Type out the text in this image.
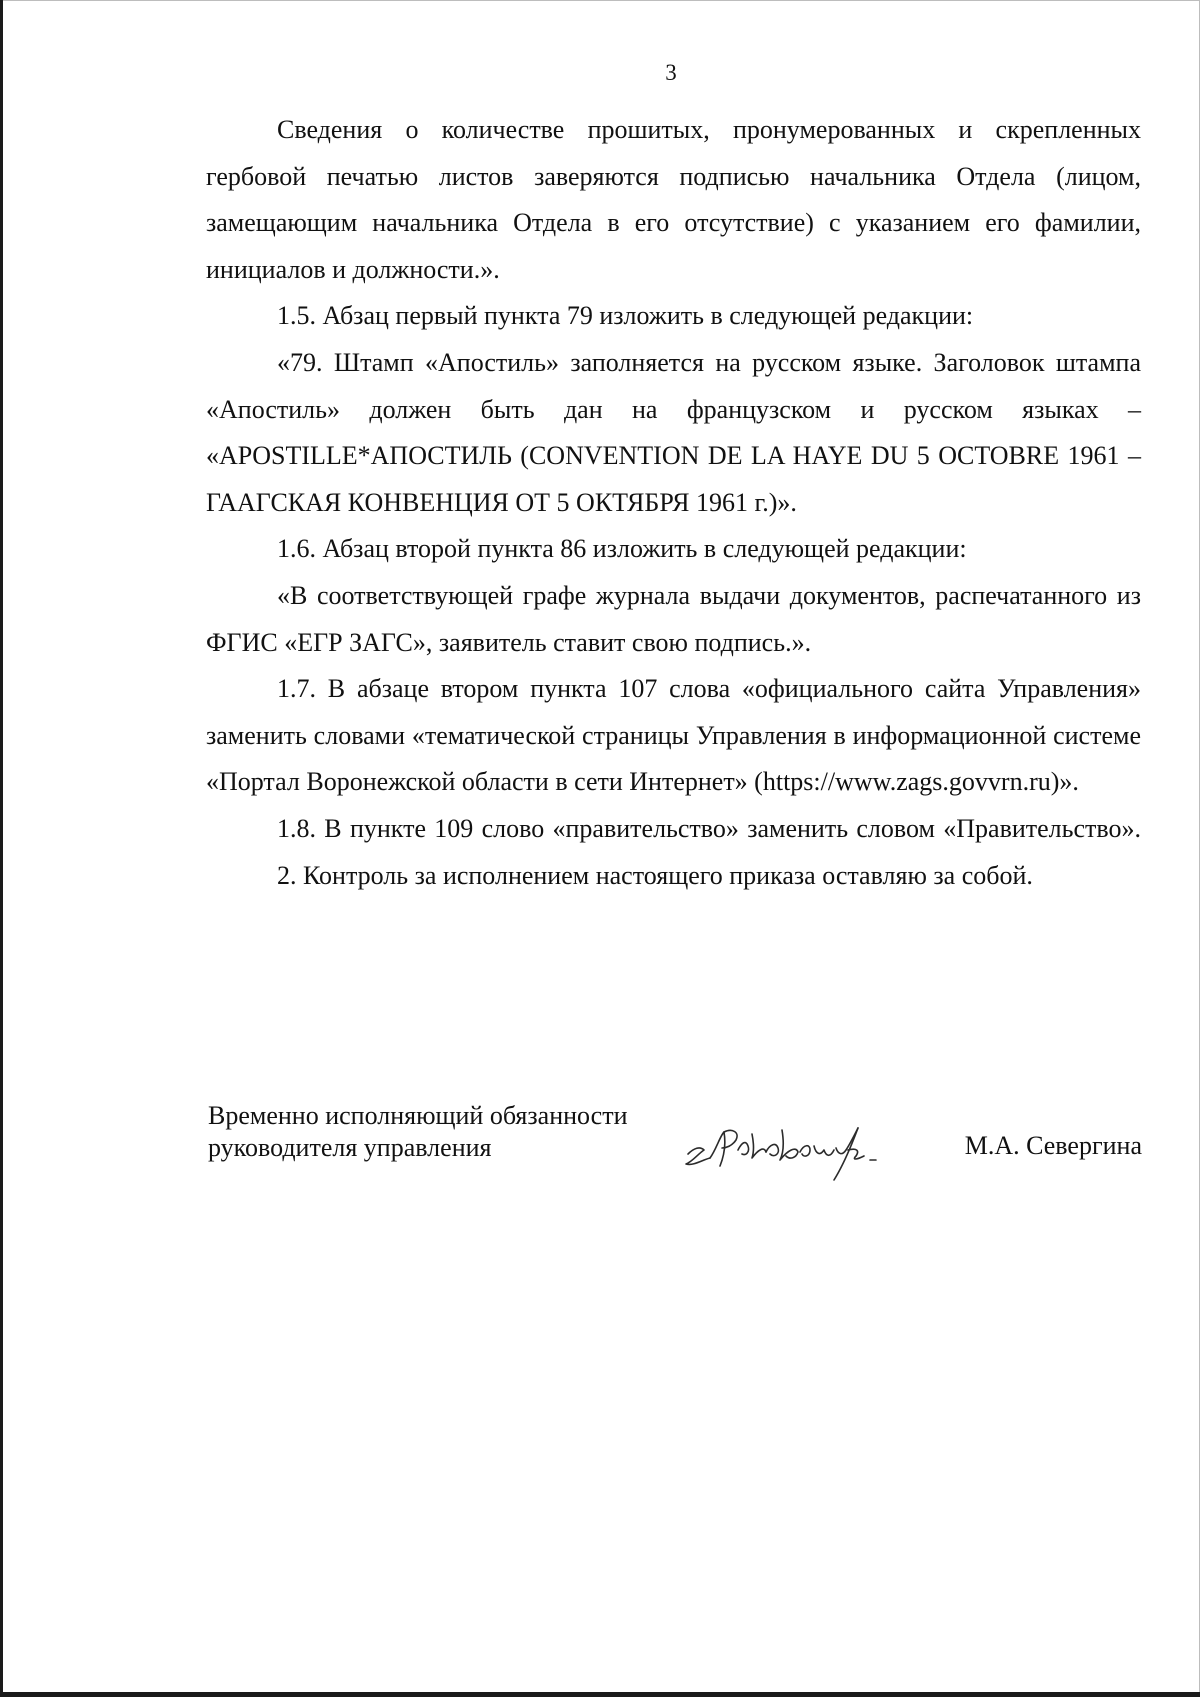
3

Сведения о количестве прошитых, пронумерованных и скрепленных гербовой печатью листов заверяются подписью начальника Отдела (лицом, замещающим начальника Отдела в его отсутствие) с указанием его фамилии, инициалов и должности.».

1.5. Абзац первый пункта 79 изложить в следующей редакции:

«79. Штамп «Апостиль» заполняется на русском языке. Заголовок штампа «Апостиль» должен быть дан на французском и русском языках – «APOSTILLE*АПОСТИЛЬ (CONVENTION DE LA HAYE DU 5 OCTOBRE 1961 – ГААГСКАЯ КОНВЕНЦИЯ ОТ 5 ОКТЯБРЯ 1961 г.)».

1.6. Абзац второй пункта 86 изложить в следующей редакции:

«В соответствующей графе журнала выдачи документов, распечатанного из ФГИС «ЕГР ЗАГС», заявитель ставит свою подпись.».

1.7. В абзаце втором пункта 107 слова «официального сайта Управления» заменить словами «тематической страницы Управления в информационной системе «Портал Воронежской области в сети Интернет» (https://www.zags.govvrn.ru)».

1.8. В пункте 109 слово «правительство» заменить словом «Правительство».

2. Контроль за исполнением настоящего приказа оставляю за собой.

Временно исполняющий обязанности
руководителя управления	М.А. Севергина
